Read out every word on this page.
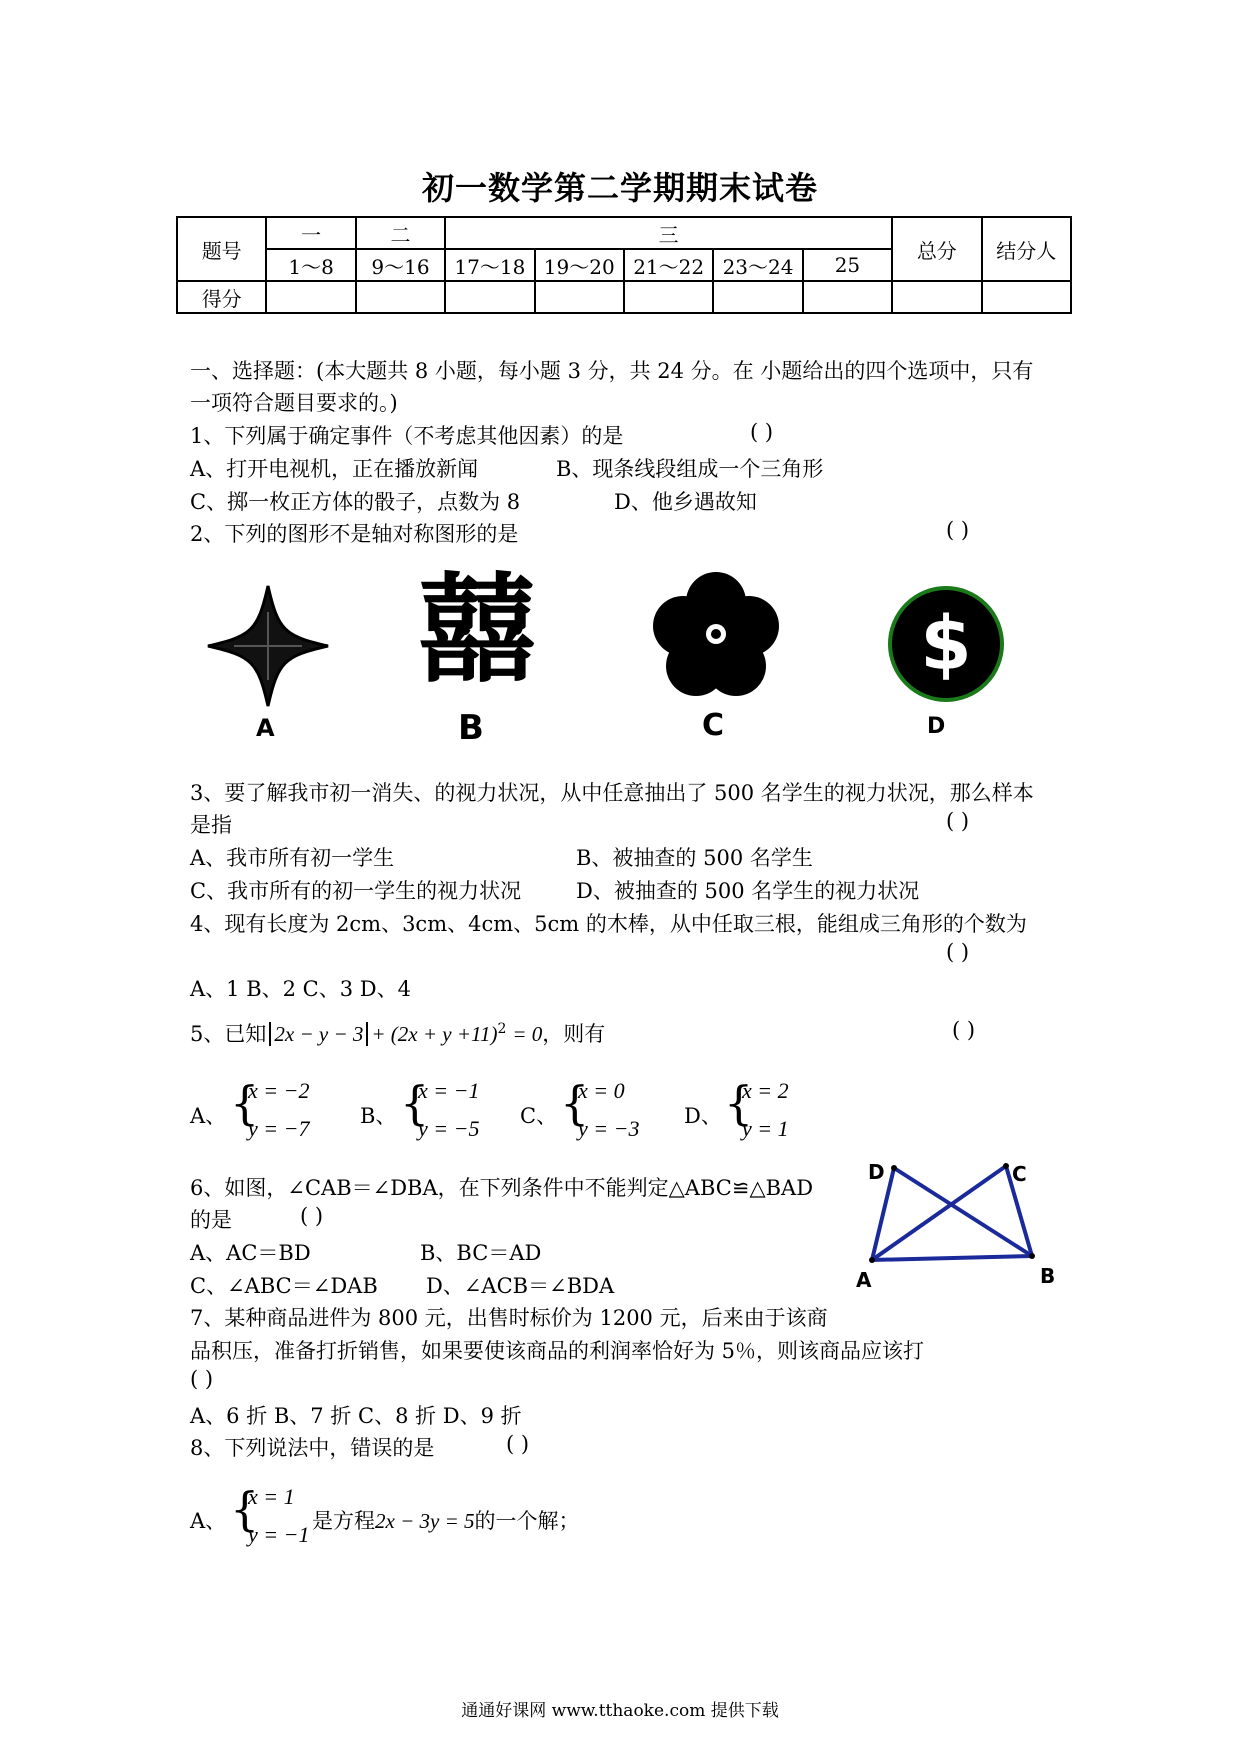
初一数学第二学期期末试卷
题号	一	二	三					总分	结分人
	1～8	9～16	17～18	19～20	21～22	23～24	25		
得分									
一、选择题：(本大题共 8 小题，每小题 3 分，共 24 分。在 小题给出的四个选项中，只有
一项符合题目要求的。)
1、下列属于确定事件（不考虑其他因素）的是	( )
A、打开电视机，正在播放新闻	B、现条线段组成一个三角形
C、掷一枚正方体的骰子，点数为 8	D、他乡遇故知
2、下列的图形不是轴对称图形的是	( )
A
囍
B	C
$
D
3、要了解我市初一消失、的视力状况，从中任意抽出了 500 名学生的视力状况，那么样本
是指	( )
A、我市所有初一学生	B、被抽查的 500 名学生
C、我市所有的初一学生的视力状况	D、被抽查的 500 名学生的视力状况
4、现有长度为 2cm、3cm、4cm、5cm 的木棒，从中任取三根，能组成三角形的个数为
( )
A、1 B、2 C、3 D、4
5、已知 $2x - y - 3 + (2x + y +11)^2 = 0$，则有	( )
A、 {
x = −2
y = −7 B、 {
x = −1
y = −5 C、 {
x = 0
y = −3 D、 {
x = 2
y = 1
6、如图，∠CAB＝∠DBA，在下列条件中不能判定△ABC≌△BAD
的是	( )
A、AC＝BD	B、BC＝AD
C、∠ABC＝∠DAB D、∠ACB＝∠BDA
D	C
A	B
7、某种商品进件为 800 元，出售时标价为 1200 元，后来由于该商
品积压，准备打折销售，如果要使该商品的利润率恰好为 5％，则该商品应该打
( )
A、6 折 B、7 折 C、8 折 D、9 折
8、下列说法中，错误的是	( )
A、 {
x = 1
y = −1
是方程2x − 3y = 5的一个解；
通通好课网 www.tthaoke.com 提供下载
